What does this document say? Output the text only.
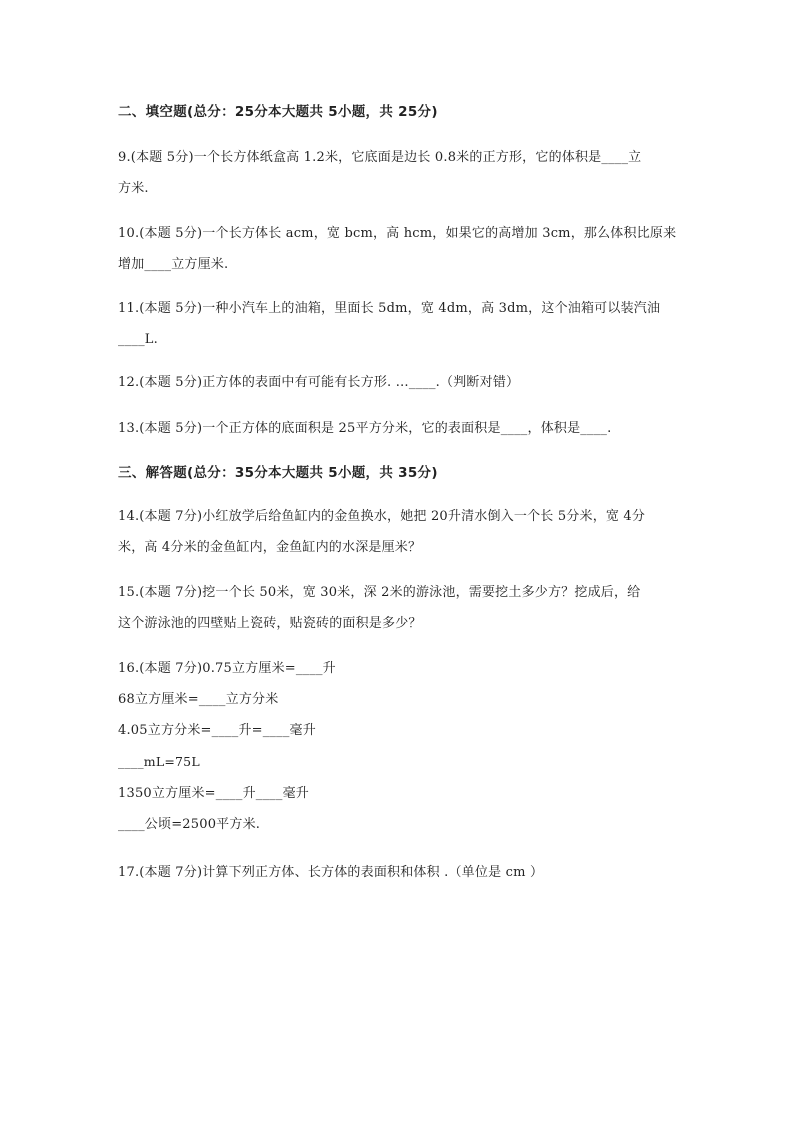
二、填空题(总分：25分本大题共 5小题，共 25分)
9.(本题 5分)一个长方体纸盒高 1.2米，它底面是边长 0.8米的正方形，它的体积是____立
方米.
10.(本题 5分)一个长方体长 acm，宽 bcm，高 hcm，如果它的高增加 3cm，那么体积比原来
增加____立方厘米.
11.(本题 5分)一种小汽车上的油箱，里面长 5dm，宽 4dm，高 3dm，这个油箱可以装汽油
____L.
12.(本题 5分)正方体的表面中有可能有长方形. …____.（判断对错）
13.(本题 5分)一个正方体的底面积是 25平方分米，它的表面积是____，体积是____.
三、解答题(总分：35分本大题共 5小题，共 35分)
14.(本题 7分)小红放学后给鱼缸内的金鱼换水，她把 20升清水倒入一个长 5分米，宽 4分
米，高 4分米的金鱼缸内，金鱼缸内的水深是厘米？
15.(本题 7分)挖一个长 50米，宽 30米，深 2米的游泳池，需要挖土多少方？挖成后，给
这个游泳池的四壁贴上瓷砖，贴瓷砖的面积是多少？
16.(本题 7分)0.75立方厘米=____升
68立方厘米=____立方分米
4.05立方分米=____升=____毫升
____mL=75L
1350立方厘米=____升____毫升
____公顷=2500平方米.
17.(本题 7分)计算下列正方体、长方体的表面积和体积 .（单位是 cm ）
